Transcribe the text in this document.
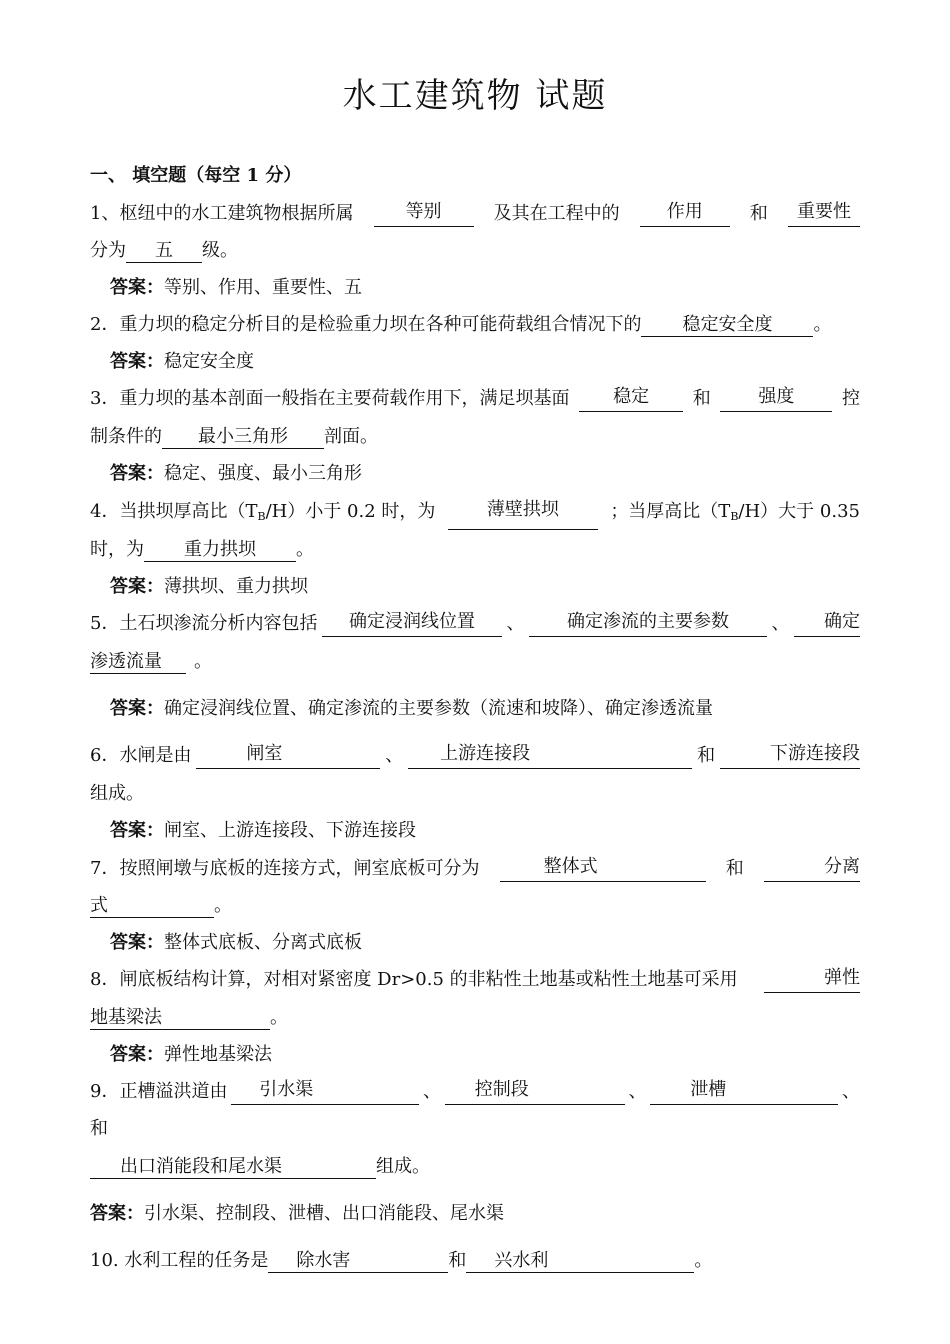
水工建筑物 试题
一、 填空题（每空 1 分）
1、枢纽中的水工建筑物根据所属	等别	及其在工程中的	作用	和	重要性
分为 五 级。
答案：等别、作用、重要性、五
2．重力坝的稳定分析目的是检验重力坝在各种可能荷载组合情况下的 稳定安全度 。
答案：稳定安全度
3．重力坝的基本剖面一般指在主要荷载作用下，满足坝基面	稳定	和	强度	控
制条件的 最小三角形 剖面。
答案：稳定、强度、最小三角形
4．当拱坝厚高比$(T_B/H)$小于 0.2 时，为	薄壁拱坝	；当厚高比$(T_B/H)$大于 0.35
时，为 重力拱坝 。
答案：薄拱坝、重力拱坝
5．土石坝渗流分析内容包括	确定浸润线位置	、	确定渗流的主要参数	、	确定
渗透流量 。
答案：确定浸润线位置、确定渗流的主要参数（流速和坡降）、确定渗透流量
6．水闸是由	闸室	、	上游连接段	和	下游连接段
组成。
答案：闸室、上游连接段、下游连接段
7．按照闸墩与底板的连接方式，闸室底板可分为	整体式	和	分离
式	。
答案：整体式底板、分离式底板
8．闸底板结构计算，对相对紧密度 Dr>0.5 的非粘性土地基或粘性土地基可采用	弹性
地基梁法	。
答案：弹性地基梁法
9．正槽溢洪道由	引水渠	、	控制段	、	泄槽	、
和
出口消能段和尾水渠	组成。
答案：引水渠、控制段、泄槽、出口消能段、尾水渠
10. 水利工程的任务是 除水害	和 兴水利	。
